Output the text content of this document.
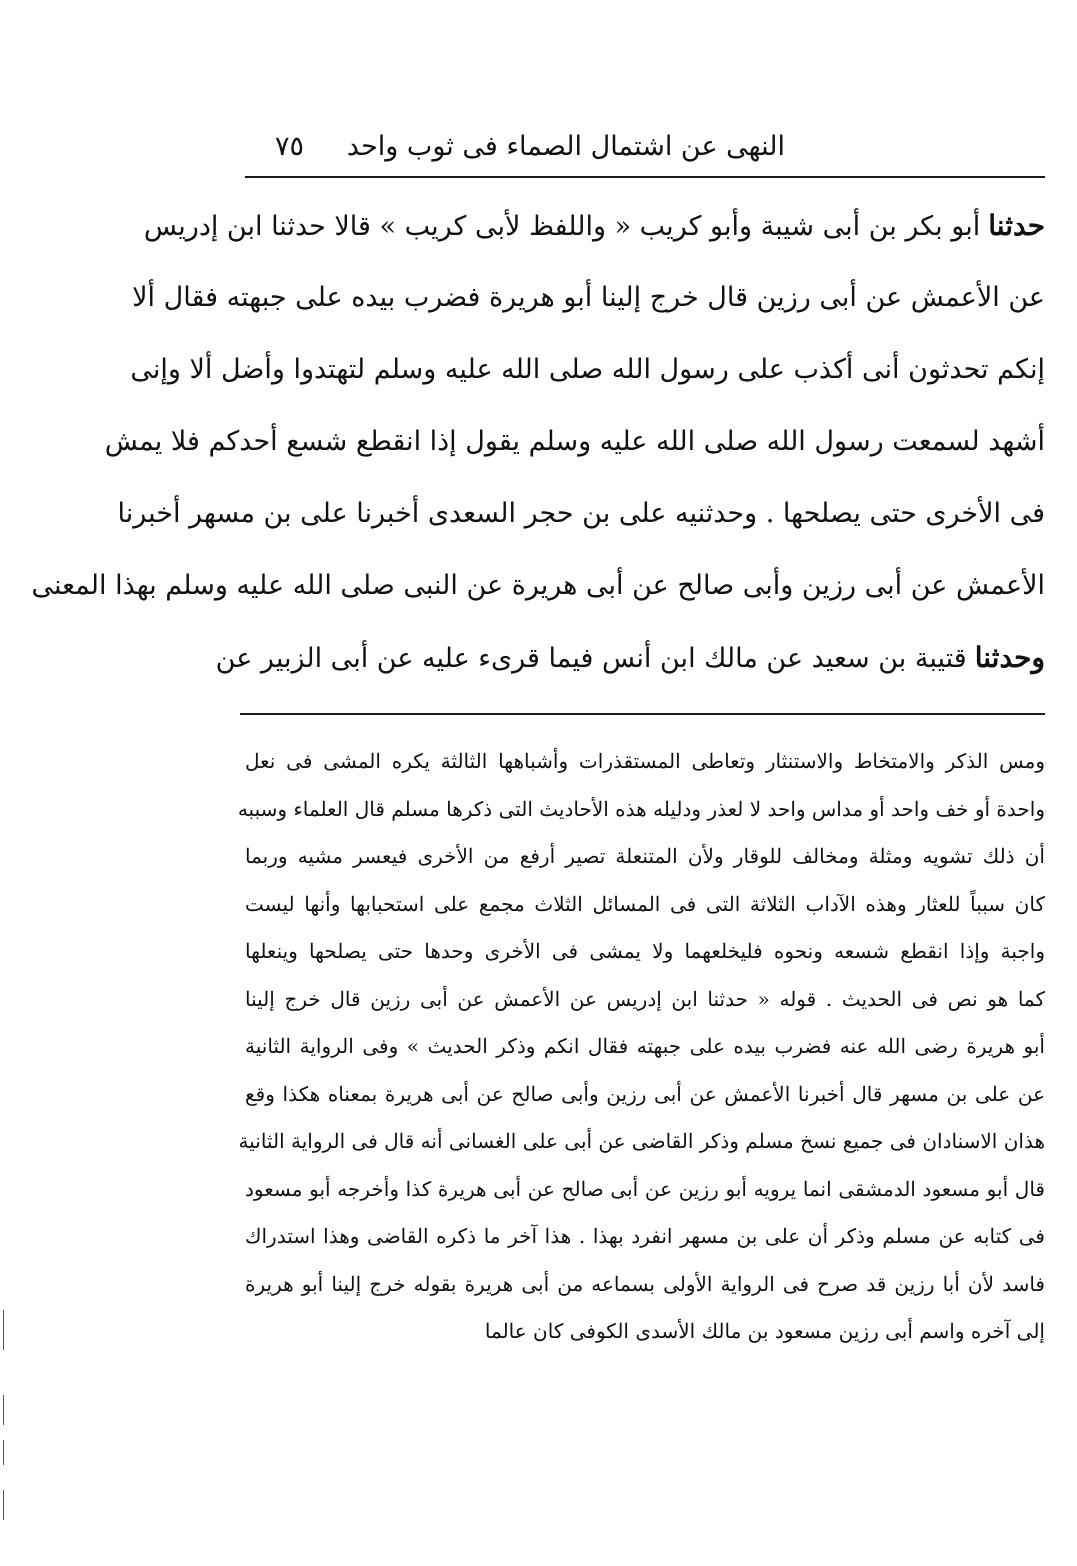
النهى عن اشتمال الصماء فى ثوب واحد
٧٥
حدثناأبو بكر بن أبى شيبة وأبو كريب « واللفظ لأبى كريب » قالا حدثنا ابن إدريس
عن الأعمش عن أبى رزين قال خرج إلينا أبو هريرة فضرب بيده على جبهته فقال ألا
إنكم تحدثون أنى أكذب على رسول الله صلى الله عليه وسلم لتهتدوا وأضل ألا وإنى
أشهد لسمعت رسول الله صلى الله عليه وسلم يقول إذا انقطع شسع أحدكم فلا يمش
فى الأخرى حتى يصلحها . وحدثنيه على بن حجر السعدى أخبرنا على بن مسهر أخبرنا
الأعمش عن أبى رزين وأبى صالح عن أبى هريرة عن النبى صلى الله عليه وسلم بهذا المعنى
وحدثناقتيبة بن سعيد عن مالك ابن أنس فيما قرىء عليه عن أبى الزبير عن
ومس الذكر والامتخاط والاستنثار وتعاطى المستقذرات وأشباهها الثالثة يكره المشى فى نعل
واحدة أو خف واحد أو مداس واحد لا لعذر ودليله هذه الأحاديث التى ذكرها مسلم قال العلماء وسببه
أن ذلك تشويه ومثلة ومخالف للوقار ولأن المتنعلة تصير أرفع من الأخرى فيعسر مشيه وربما
كان سبباً للعثار وهذه الآداب الثلاثة التى فى المسائل الثلاث مجمع على استحبابها وأنها ليست
واجبة وإذا انقطع شسعه ونحوه فليخلعهما ولا يمشى فى الأخرى وحدها حتى يصلحها وينعلها
كما هو نص فى الحديث . قوله « حدثنا ابن إدريس عن الأعمش عن أبى رزين قال خرج إلينا
أبو هريرة رضى الله عنه فضرب بيده على جبهته فقال انكم وذكر الحديث » وفى الرواية الثانية
عن على بن مسهر قال أخبرنا الأعمش عن أبى رزين وأبى صالح عن أبى هريرة بمعناه هكذا وقع
هذان الاسنادان فى جميع نسخ مسلم وذكر القاضى عن أبى على الغسانى أنه قال فى الرواية الثانية
قال أبو مسعود الدمشقى انما يرويه أبو رزين عن أبى صالح عن أبى هريرة كذا وأخرجه أبو مسعود
فى كتابه عن مسلم وذكر أن على بن مسهر انفرد بهذا . هذا آخر ما ذكره القاضى وهذا استدراك
فاسد لأن أبا رزين قد صرح فى الرواية الأولى بسماعه من أبى هريرة بقوله خرج إلينا أبو هريرة
إلى آخره واسم أبى رزين مسعود بن مالك الأسدى الكوفى كان عالما
